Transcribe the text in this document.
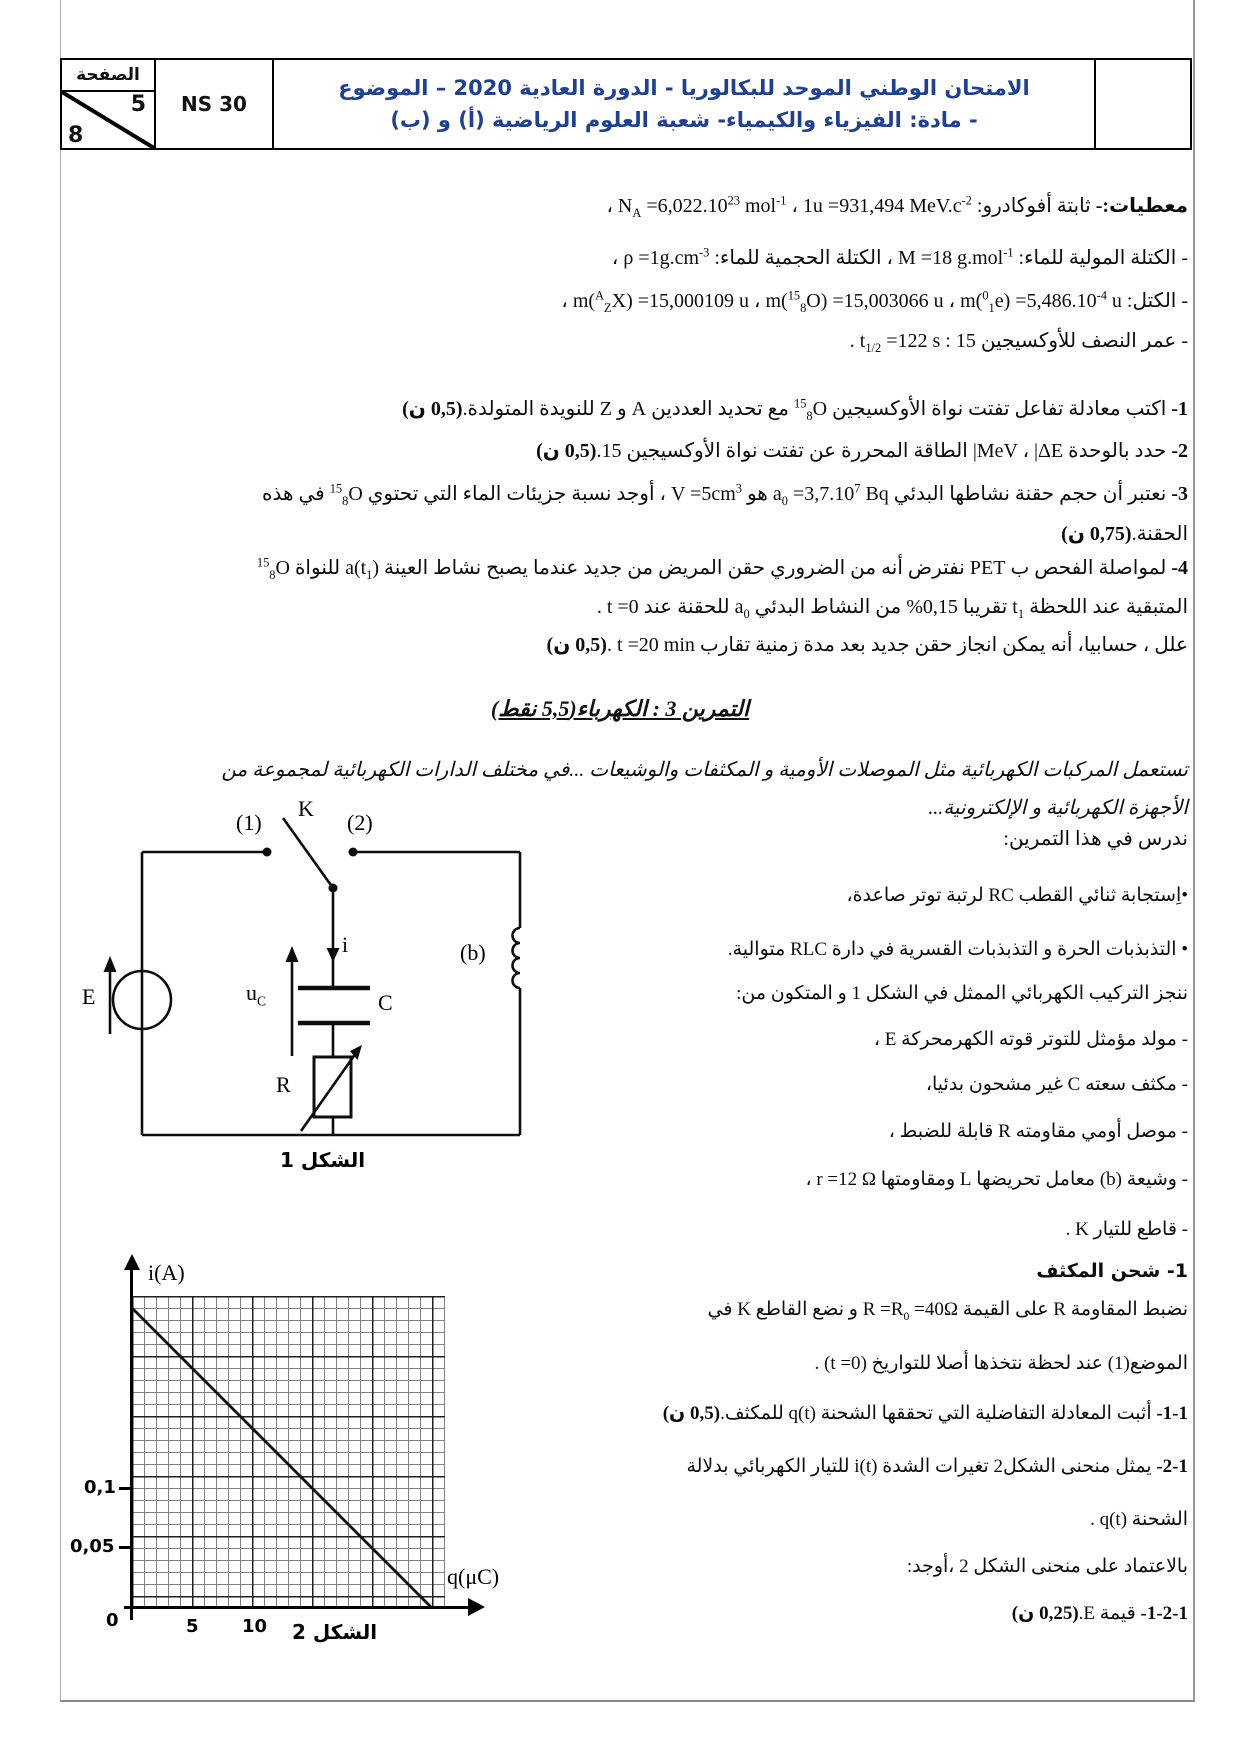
الصفحة
5
8
NS 30
الامتحان الوطني الموحد للبكالوريا - الدورة العادية 2020 – الموضوع
- مادة: الفيزياء والكيمياء- شعبة العلوم الرياضية (أ) و (ب)
معطيات:- ثابتة أفوكادرو: $N_A =6,022.10^{23}$ mol$^{-1}$ ، 1u =931,494 $MeV.c^{-2}$ ،
- الكتلة المولية للماء: M =18 g.mol$^{-1}$ ، الكتلة الحجمية للماء: $\rho =1g.cm^{-3}$ ،
- الكتل: m($^A_Z$X) =15,000109 u ، m($^{15}_8$O) =15,003066 u ، $m(^0_1e) =5,486.10^{-4}$ u ،
- عمر النصف للأوكسيجين 15 : $t_{1/2} =122$ s .
1- اكتب معادلة تفاعل تفتت نواة الأوكسيجين $^{15}_8$O مع تحديد العددين A و Z للنويدة المتولدة.(0,5 ن)
2- حدد بالوحدة MeV ، |ΔE| الطاقة المحررة عن تفتت نواة الأوكسيجين 15.(0,5 ن)
3- نعتبر أن حجم حقنة نشاطها البدئي $a_0 =3,7.10^7$ Bq هو $V =5cm^3$ ، أوجد نسبة جزيئات الماء التي تحتوي $^{15}_8$O في هذه
الحقنة.(0,75 ن)
4- لمواصلة الفحص ب PET نفترض أنه من الضروري حقن المريض من جديد عندما يصبح نشاط العينة $a(t_1)$ للنواة $^{15}_8$O
المتبقية عند اللحظة $t_1$ تقريبا 0,15% من النشاط البدئي $a_0$ للحقنة عند t =0 .
علل ، حسابيا، أنه يمكن انجاز حقن جديد بعد مدة زمنية تقارب t =20 min .(0,5 ن)
التمرين 3 : الكهرباء(5,5 نقط)
تستعمل المركبات الكهربائية مثل الموصلات الأومية و المكثفات والوشيعات ...في مختلف الدارات الكهربائية لمجموعة من
الأجهزة الكهربائية و الإلكترونية...
ندرس في هذا التمرين:
•اِستجابة ثنائي القطب RC لرتبة توتر صاعدة،
• التذبذبات الحرة و التذبذبات القسرية في دارة RLC متوالية.
ننجز التركيب الكهربائي الممثل في الشكل 1 و المتكون من:
- مولد مؤمثل للتوتر قوته الكهرمحركة E ،
- مكثف سعته C غير مشحون بدئيا،
- موصل أومي مقاومته R قابلة للضبط ،
- وشيعة (b) معامل تحريضها L ومقاومتها r =12 Ω ،
- قاطع للتيار K .
1- شحن المكثف
نضبط المقاومة R على القيمة $R =R_0 =40\Omega$ و نضع القاطع K في
الموضع(1) عند لحظة نتخذها أصلا للتواريخ (t =0) .
1-1- أثبت المعادلة التفاضلية التي تحققها الشحنة q(t) للمكثف.(0,5 ن)
2-1- يمثل منحنى الشكل2 تغيرات الشدة i(t) للتيار الكهربائي بدلالة
الشحنة q(t) .
بالاعتماد على منحنى الشكل 2 ،أوجد:
1-2-1- قيمة E.(0,25 ن)
(1)
K
(2)
E
i
$u_C$	C
R
(b)
الشكل 1
i(A)
q(μC)
0,1
0,05
0	5 10 الشكل 2
